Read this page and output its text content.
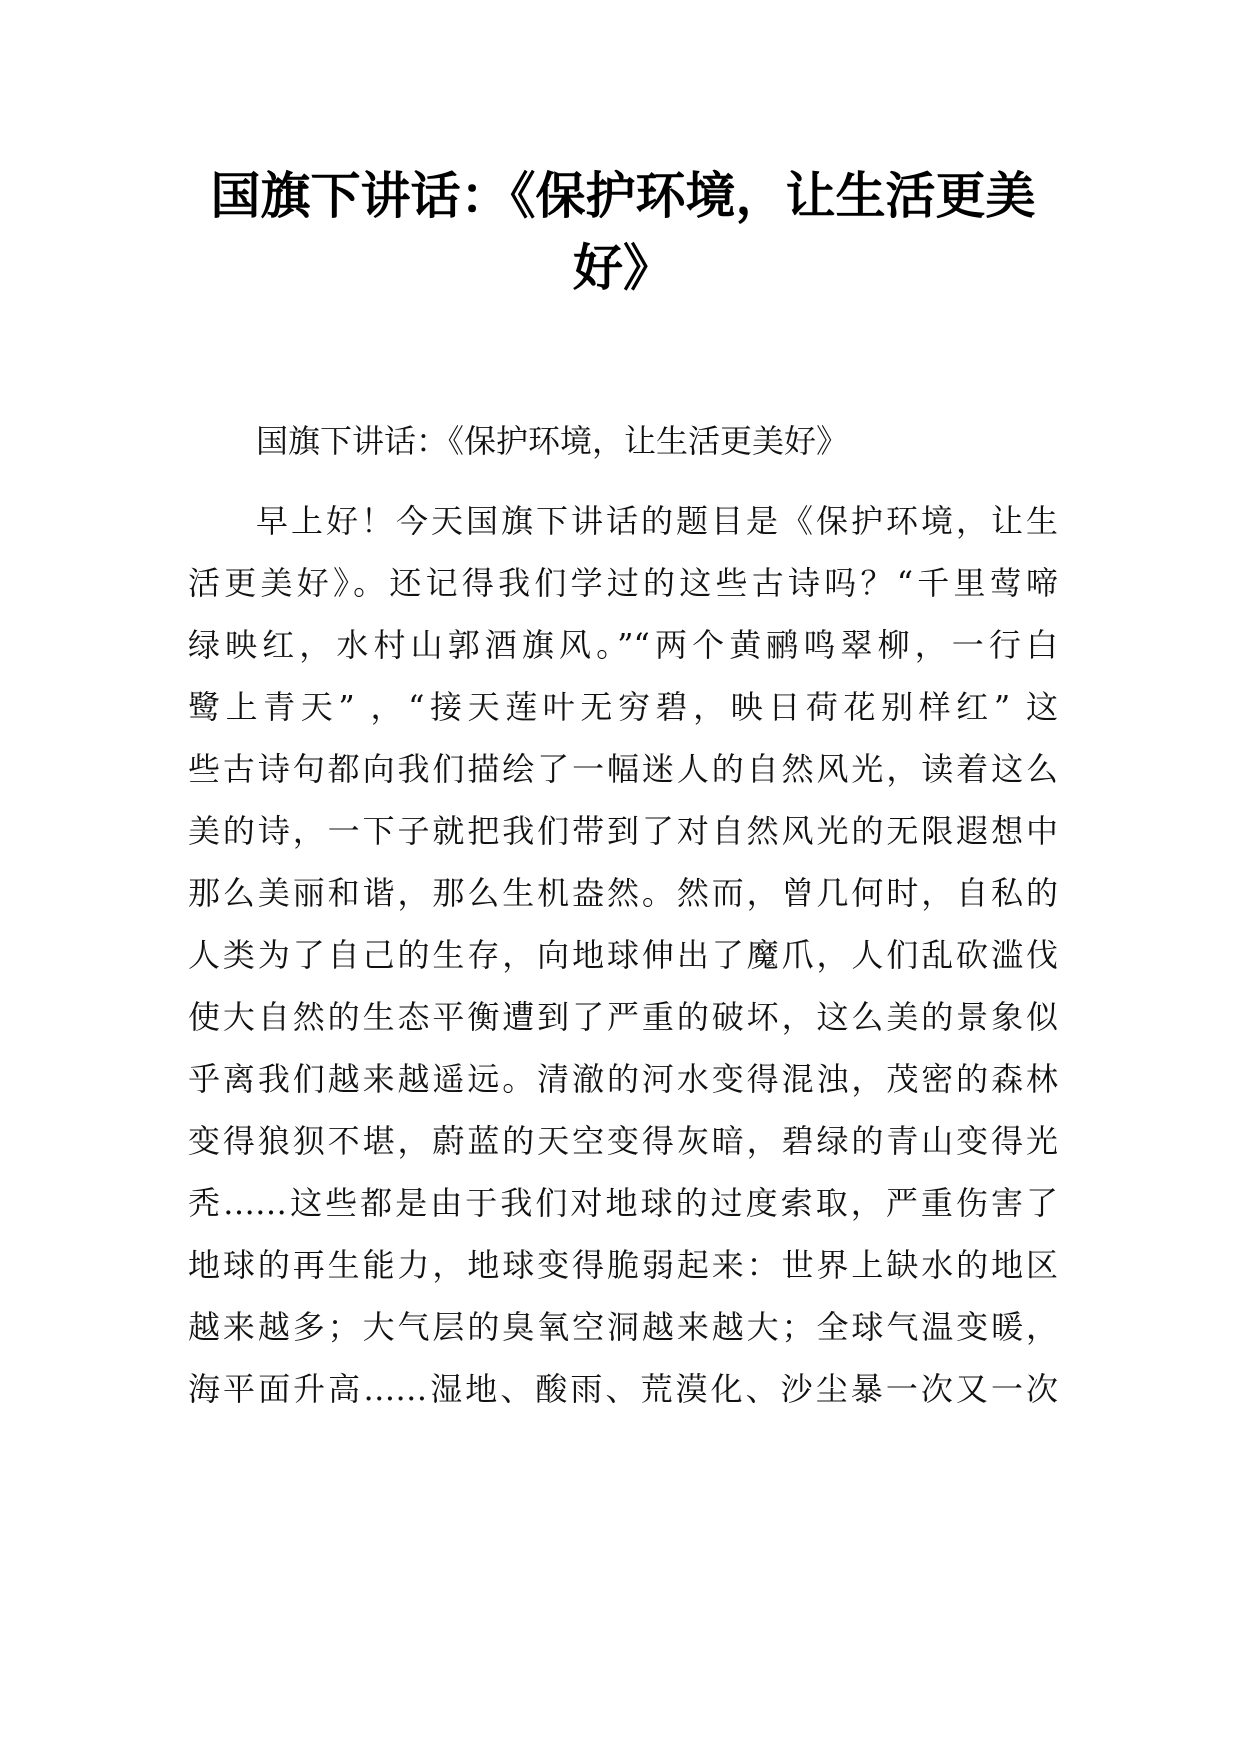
国旗下讲话：《保护环境，让生活更美
好》
国旗下讲话：《保护环境，让生活更美好》
早上好！今天国旗下讲话的题目是《保护环境，让生
活更美好》。还记得我们学过的这些古诗吗？“千里莺啼
绿映红，水村山郭酒旗风。”“两个黄鹂鸣翠柳，一行白
鹭上青天” ，“接天莲叶无穷碧，映日荷花别样红” 这
些古诗句都向我们描绘了一幅迷人的自然风光，读着这么
美的诗，一下子就把我们带到了对自然风光的无限遐想中
那么美丽和谐，那么生机盎然。然而，曾几何时，自私的
人类为了自己的生存，向地球伸出了魔爪，人们乱砍滥伐
使大自然的生态平衡遭到了严重的破坏，这么美的景象似
乎离我们越来越遥远。清澈的河水变得混浊，茂密的森林
变得狼狈不堪，蔚蓝的天空变得灰暗，碧绿的青山变得光
秃……这些都是由于我们对地球的过度索取，严重伤害了
地球的再生能力，地球变得脆弱起来：世界上缺水的地区
越来越多；大气层的臭氧空洞越来越大；全球气温变暖，
海平面升高……湿地、酸雨、荒漠化、沙尘暴一次又一次
